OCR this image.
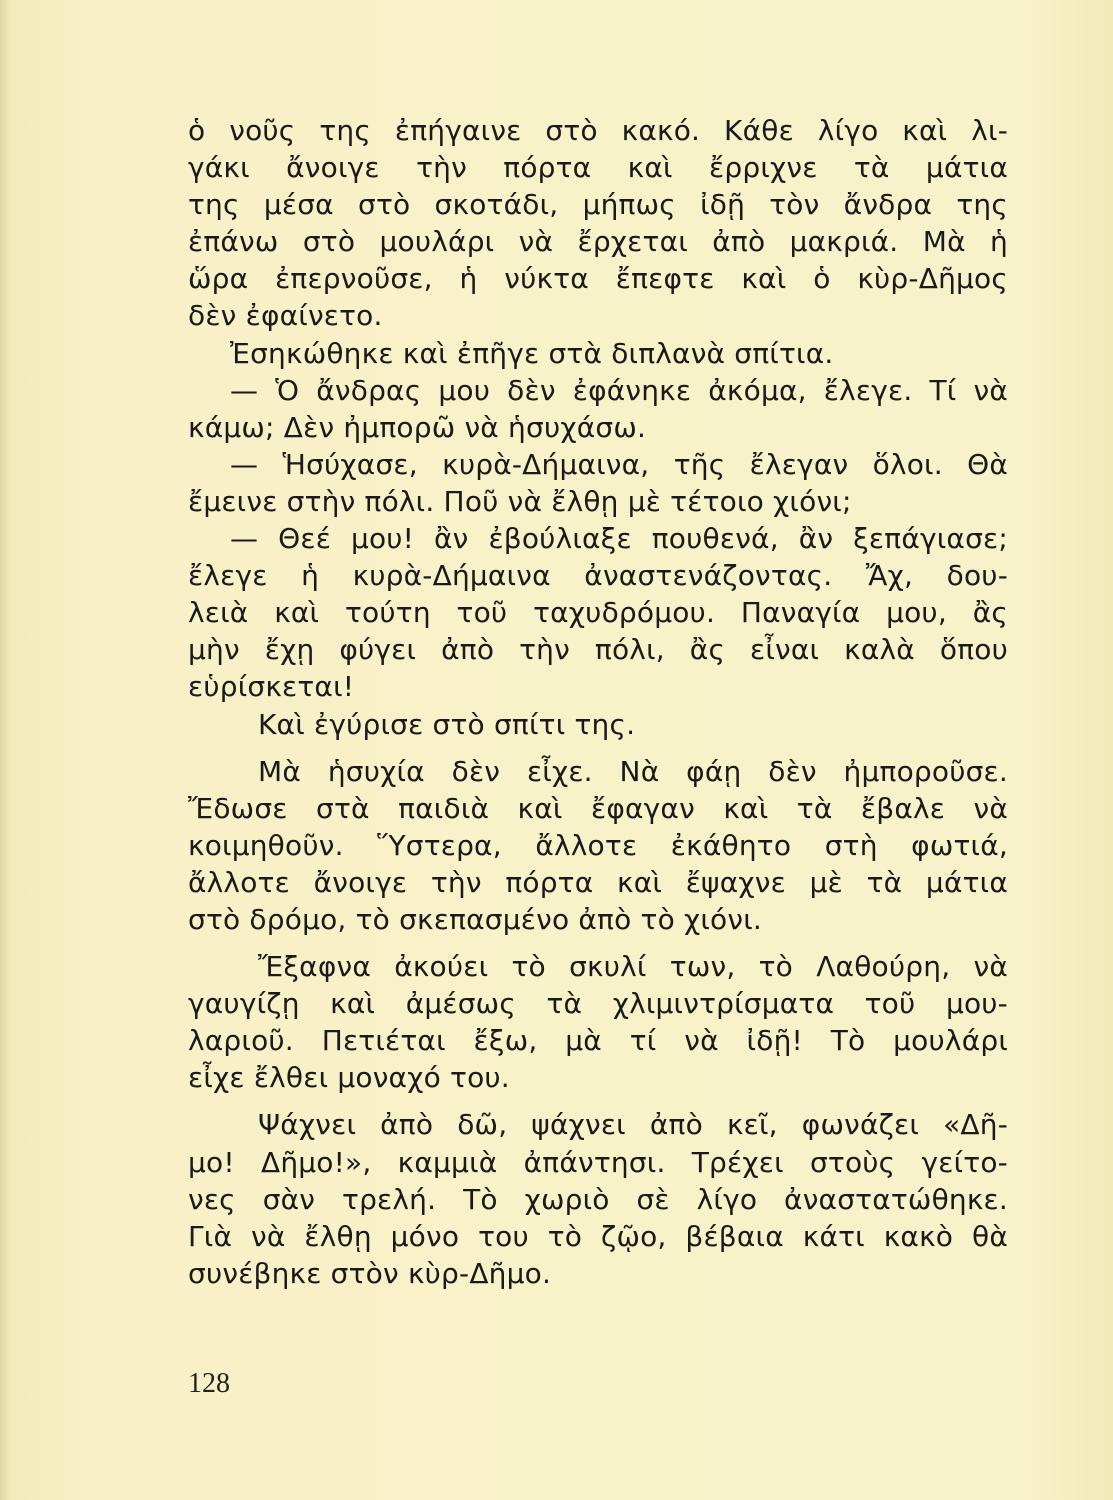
ὁ νοῦς της ἐπήγαινε στὸ κακό. Κάθε λίγο καὶ λι-
γάκι ἄνοιγε τὴν πόρτα καὶ ἔρριχνε τὰ μάτια
της μέσα στὸ σκοτάδι, μήπως ἰδῇ τὸν ἄνδρα της
ἐπάνω στὸ μουλάρι νὰ ἔρχεται ἀπὸ μακριά. Μὰ ἡ
ὥρα ἐπερνοῦσε, ἡ νύκτα ἔπεφτε καὶ ὁ κὺρ-Δῆμος
δὲν ἐφαίνετο.
Ἐσηκώθηκε καὶ ἐπῆγε στὰ διπλανὰ σπίτια.
— Ὁ ἄνδρας μου δὲν ἐφάνηκε ἀκόμα, ἔλεγε. Τί νὰ
κάμω; Δὲν ἠμπορῶ νὰ ἡσυχάσω.
— Ἡσύχασε, κυρὰ-Δήμαινα, τῆς ἔλεγαν ὅλοι. Θὰ
ἔμεινε στὴν πόλι. Ποῦ νὰ ἔλθῃ μὲ τέτοιο χιόνι;
— Θεέ μου! ἂν ἐβούλιαξε πουθενά, ἂν ξεπάγιασε;
ἔλεγε ἡ κυρὰ-Δήμαινα ἀναστενάζοντας. Ἄχ, δου-
λειὰ καὶ τούτη τοῦ ταχυδρόμου. Παναγία μου, ἂς
μὴν ἔχῃ φύγει ἀπὸ τὴν πόλι, ἂς εἶναι καλὰ ὅπου
εὑρίσκεται!
Καὶ ἐγύρισε στὸ σπίτι της.
Μὰ ἡσυχία δὲν εἶχε. Νὰ φάῃ δὲν ἠμποροῦσε.
Ἔδωσε στὰ παιδιὰ καὶ ἔφαγαν καὶ τὰ ἔβαλε νὰ
κοιμηθοῦν. Ὕστερα, ἄλλοτε ἐκάθητο στὴ φωτιά,
ἄλλοτε ἄνοιγε τὴν πόρτα καὶ ἔψαχνε μὲ τὰ μάτια
στὸ δρόμο, τὸ σκεπασμένο ἀπὸ τὸ χιόνι.
Ἔξαφνα ἀκούει τὸ σκυλί των, τὸ Λαθούρη, νὰ
γαυγίζῃ καὶ ἀμέσως τὰ χλιμιντρίσματα τοῦ μου-
λαριοῦ. Πετιέται ἔξω, μὰ τί νὰ ἰδῇ! Τὸ μουλάρι
εἶχε ἔλθει μοναχό του.
Ψάχνει ἀπὸ δῶ, ψάχνει ἀπὸ κεῖ, φωνάζει «Δῆ-
μο! Δῆμο!», καμμιὰ ἀπάντησι. Τρέχει στοὺς γείτο-
νες σὰν τρελή. Τὸ χωριὸ σὲ λίγο ἀναστατώθηκε.
Γιὰ νὰ ἔλθῃ μόνο του τὸ ζῷο, βέβαια κάτι κακὸ θὰ
συνέβηκε στὸν κὺρ-Δῆμο.
128
